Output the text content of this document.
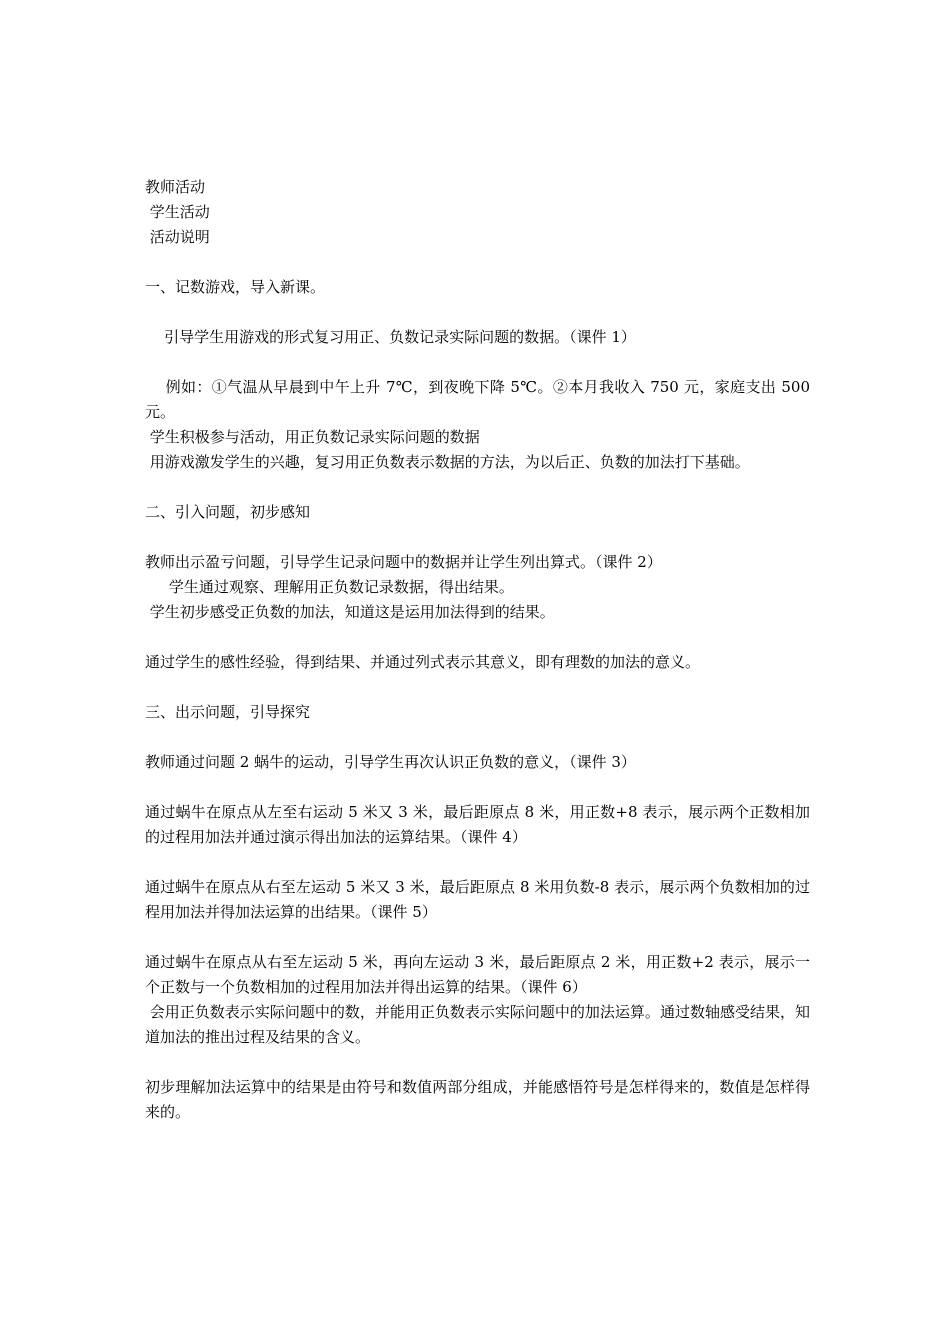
教师活动

学生活动

活动说明

一、记数游戏，导入新课。

引导学生用游戏的形式复习用正、负数记录实际问题的数据。（课件 1）

例如：①气温从早晨到中午上升 7℃，到夜晚下降 5℃。②本月我收入 750 元，家庭支出 500 元。

学生积极参与活动，用正负数记录实际问题的数据

用游戏激发学生的兴趣，复习用正负数表示数据的方法，为以后正、负数的加法打下基础。

二、引入问题，初步感知

教师出示盈亏问题，引导学生记录问题中的数据并让学生列出算式。（课件 2）

学生通过观察、理解用正负数记录数据，得出结果。

学生初步感受正负数的加法，知道这是运用加法得到的结果。

通过学生的感性经验，得到结果、并通过列式表示其意义，即有理数的加法的意义。

三、出示问题，引导探究

教师通过问题 2 蜗牛的运动，引导学生再次认识正负数的意义，（课件 3）

通过蜗牛在原点从左至右运动 5 米又 3 米，最后距原点 8 米，用正数+8 表示，展示两个正数相加的过程用加法并通过演示得出加法的运算结果。（课件 4）

通过蜗牛在原点从右至左运动 5 米又 3 米，最后距原点 8 米用负数-8 表示，展示两个负数相加的过程用加法并得加法运算的出结果。（课件 5）

通过蜗牛在原点从右至左运动 5 米，再向左运动 3 米，最后距原点 2 米，用正数+2 表示，展示一个正数与一个负数相加的过程用加法并得出运算的结果。（课件 6）

会用正负数表示实际问题中的数，并能用正负数表示实际问题中的加法运算。通过数轴感受结果，知道加法的推出过程及结果的含义。

初步理解加法运算中的结果是由符号和数值两部分组成，并能感悟符号是怎样得来的，数值是怎样得来的。
